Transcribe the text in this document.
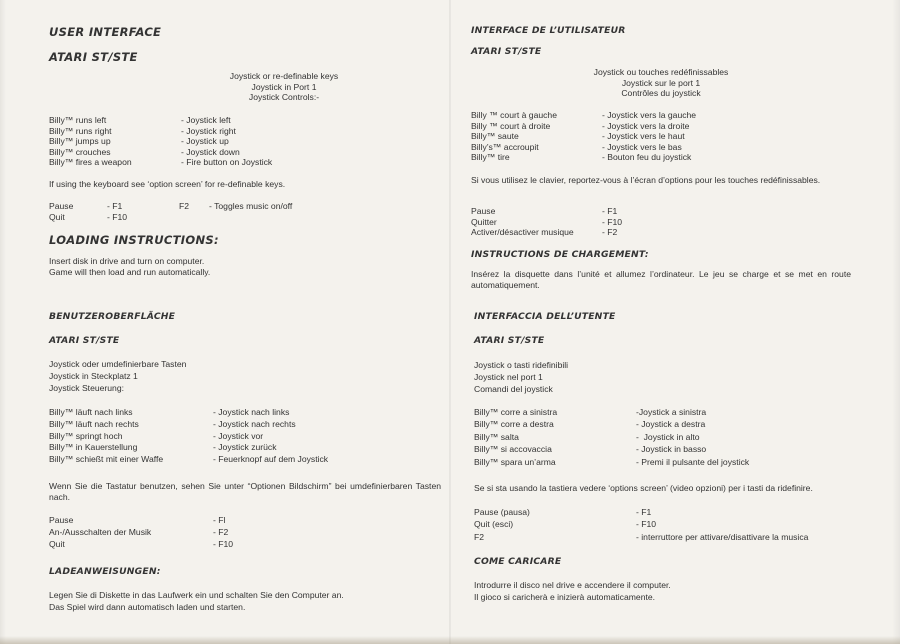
USER INTERFACE
ATARI ST/STE
Joystick or re-definable keys
Joystick in Port 1
Joystick Controls:-
Billy™ runs left	- Joystick left
Billy™ runs right	- Joystick right
Billy™ jumps up	- Joystick up
Billy™ crouches	- Joystick down
Billy™ fires a weapon	- Fire button on Joystick
If using the keyboard see ‘option screen’ for re-definable keys.
Pause	- F1	F2 - Toggles music on/off
Quit	- F10
LOADING INSTRUCTIONS:
Insert disk in drive and turn on computer.
Game will then load and run automatically.
INTERFACE DE L’UTILISATEUR
ATARI ST/STE
Joystick ou touches redéfinissables
Joystick sur le port 1
Contrôles du joystick
Billy ™ court à gauche	- Joystick vers la gauche
Billy ™ court à droite	- Joystick vers la droite
Billy™ saute	- Joystick vers le haut
Billy’s™ accroupit	- Joystick vers le bas
Billy™ tire	- Bouton feu du joystick
Si vous utilisez le clavier, reportez-vous à l’écran d’options pour les touches redéfinissables.
Pause	- F1
Quitter	- F10
Activer/désactiver musique	- F2
INSTRUCTIONS DE CHARGEMENT:
Insérez la disquette dans l’unité et allumez l’ordinateur. Le jeu se charge et se met en route automatiquement.
BENUTZEROBERFLÄCHE
ATARI ST/STE
Joystick oder umdefinierbare Tasten
Joystick in Steckplatz 1
Joystick Steuerung:
Billy™ läuft nach links	- Joystick nach links
Billy™ läuft nach rechts	- Joystick nach rechts
Billy™ springt hoch	- Joystick vor
Billy™ in Kauerstellung	- Joystick zurück
Billy™ schießt mit einer Waffe	- Feuerknopf auf dem Joystick
Wenn Sie die Tastatur benutzen, sehen Sie unter “Optionen Bildschirm” bei umdefinierbaren Tasten nach.
Pause	- Fl
An-/Ausschalten der Musik	- F2
Quit	- F10
LADEANWEISUNGEN:
Legen Sie di Diskette in das Laufwerk ein und schalten Sie den Computer an.
Das Spiel wird dann automatisch laden und starten.
INTERFACCIA DELL’UTENTE
ATARI ST/STE
Joystick o tasti ridefinibili
Joystick nel port 1
Comandi del joystick
Billy™ corre a sinistra	-Joystick a sinistra
Billy™ corre a destra	- Joystick a destra
Billy™ salta	-  Joystick in alto
Billy™ si accovaccia	- Joystick in basso
Billy™ spara un’arma	- Premi il pulsante del joystick
Se si sta usando la tastiera vedere ‘options screen’ (video opzioni) per i tasti da ridefinire.
Pause (pausa)	- F1
Quit (esci)	- F10
F2	- interruttore per attivare/disattivare la musica
COME CARICARE
Introdurre il disco nel drive e accendere il computer.
Il gioco si caricherà e inizierà automaticamente.
